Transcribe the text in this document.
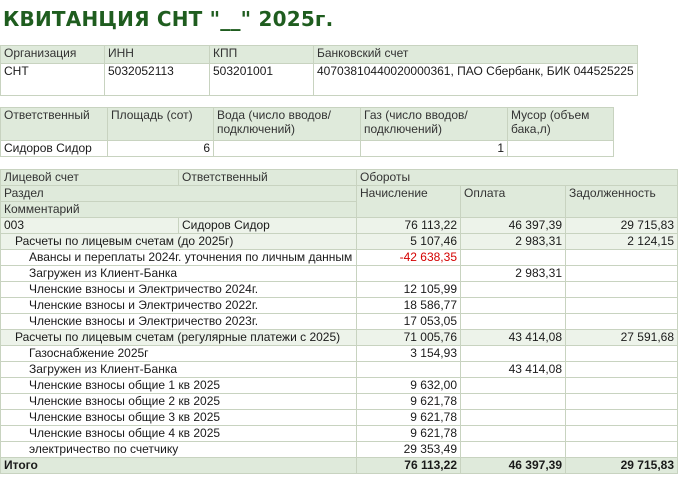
КВИТАНЦИЯ СНТ "__" 2025г.
Организация	ИНН	КПП	Банковский счет
СНТ	5032052113	503201001	40703810440020000361, ПАО Сбербанк, БИК 044525225
Ответственный	Площадь (сот)	Вода (число вводов/подключений)	Газ (число вводов/подключений)	Мусор (объем бака,л)
Сидоров Сидор	6		1	
Лицевой счет	Ответственный	Обороты		
Раздел		Начисление	Оплата	Задолженность
Комментарий				
003	Сидоров Сидор	76 113,22	46 397,39	29 715,83
Расчеты по лицевым счетам (до 2025г)		5 107,46	2 983,31	2 124,15
Авансы и переплаты 2024г. уточнения по личным данным		-42 638,35		
Загружен из Клиент-Банка			2 983,31	
Членские взносы и Электричество 2024г.		12 105,99		
Членские взносы и Электричество 2022г.		18 586,77		
Членские взносы и Электричество 2023г.		17 053,05		
Расчеты по лицевым счетам (регулярные платежи с 2025)		71 005,76	43 414,08	27 591,68
Газоснабжение 2025г		3 154,93		
Загружен из Клиент-Банка			43 414,08	
Членские взносы общие 1 кв 2025		9 632,00		
Членские взносы общие 2 кв 2025		9 621,78		
Членские взносы общие 3 кв 2025		9 621,78		
Членские взносы общие 4 кв 2025		9 621,78		
электричество по счетчику		29 353,49		
Итого		76 113,22	46 397,39	29 715,83
